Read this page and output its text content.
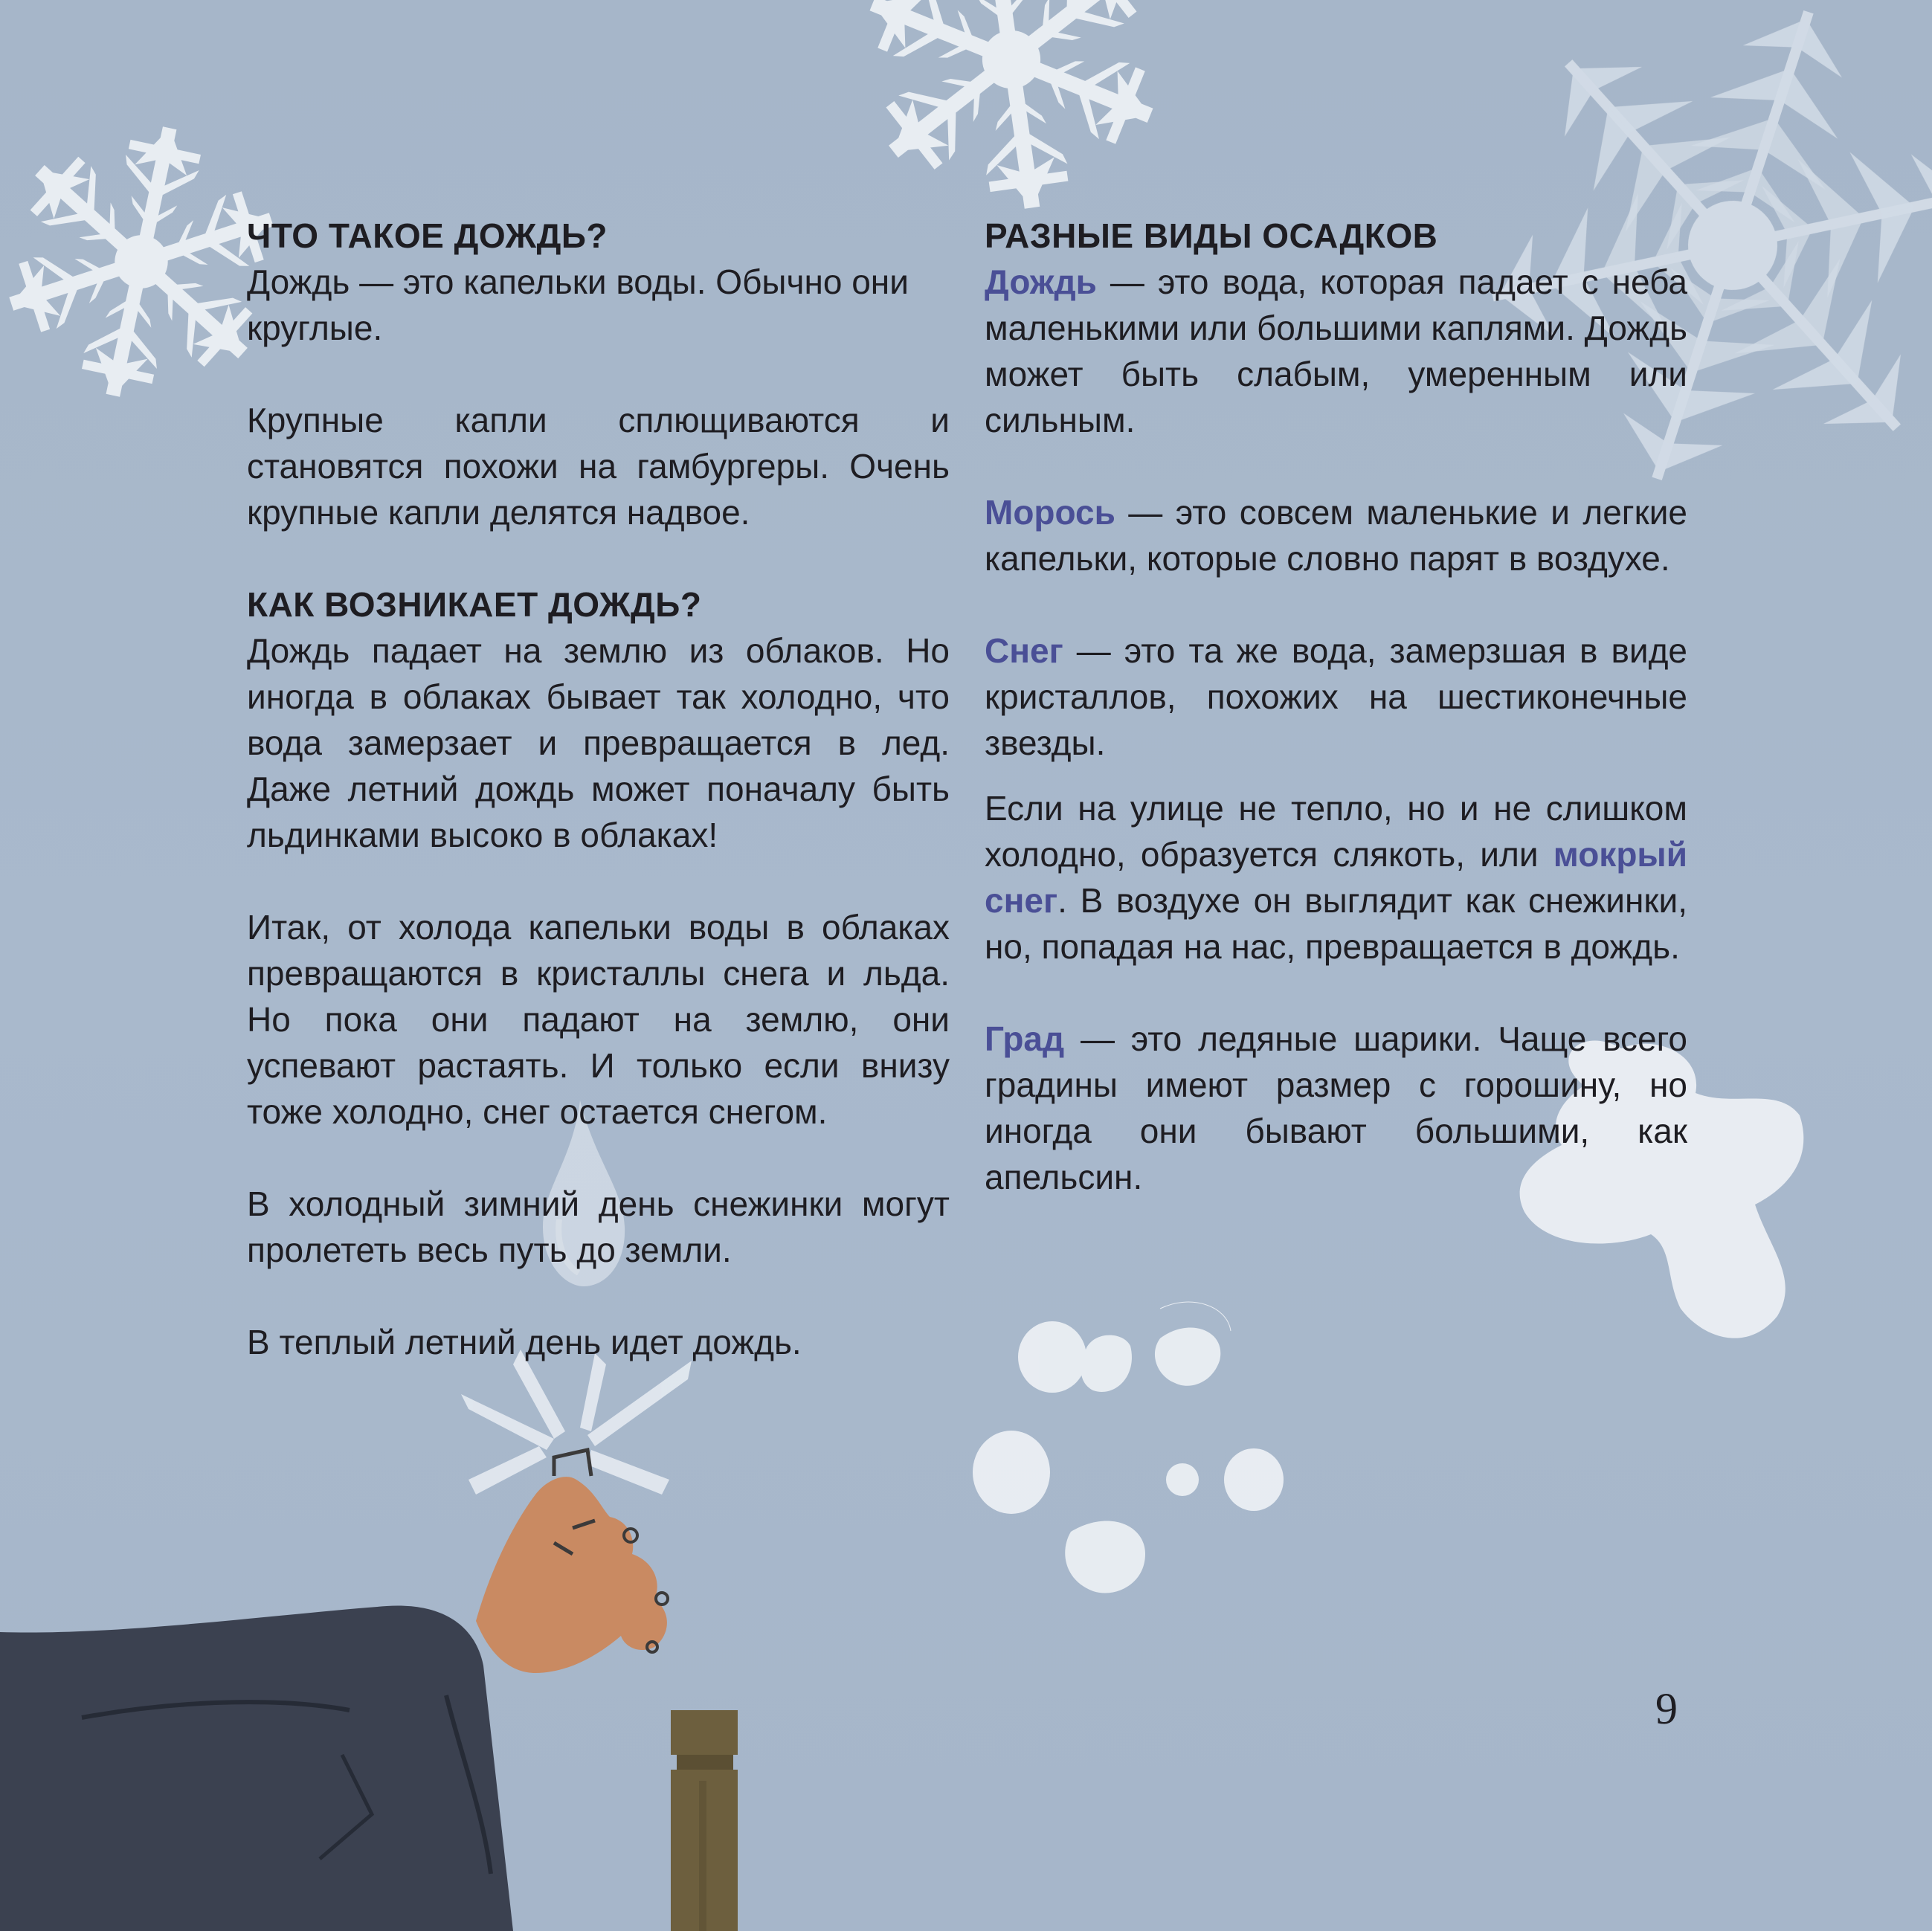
ЧТО ТАКОЕ ДОЖДЬ?

Дождь — это капельки воды. Обычно они круглые.

Крупные капли сплющиваются и становятся похожи на гамбургеры. Очень крупные капли делятся надвое.

КАК ВОЗНИКАЕТ ДОЖДЬ?

Дождь падает на землю из облаков. Но иногда в облаках бывает так холодно, что вода замерзает и превращается в лед. Даже летний дождь может поначалу быть льдинками высоко в облаках!

Итак, от холода капельки воды в облаках превращаются в кристаллы снега и льда. Но пока они падают на землю, они успевают растаять. И только если внизу тоже холодно, снег остается снегом.

В холодный зимний день снежинки могут пролететь весь путь до земли.

В теплый летний день идет дождь.

РАЗНЫЕ ВИДЫ ОСАДКОВ

Дождь — это вода, которая падает с неба маленькими или большими каплями. Дождь может быть слабым, умеренным или сильным.

Морось — это совсем маленькие и легкие капельки, которые словно парят в воздухе.

Снег — это та же вода, замерзшая в виде кристаллов, похожих на шестиконечные звезды.

Если на улице не тепло, но и не слишком холодно, образуется слякоть, или мокрый снег. В воздухе он выглядит как снежинки, но, попадая на нас, превращается в дождь.

Град — это ледяные шарики. Чаще всего градины имеют размер с горошину, но иногда они бывают большими, как апельсин.

9
